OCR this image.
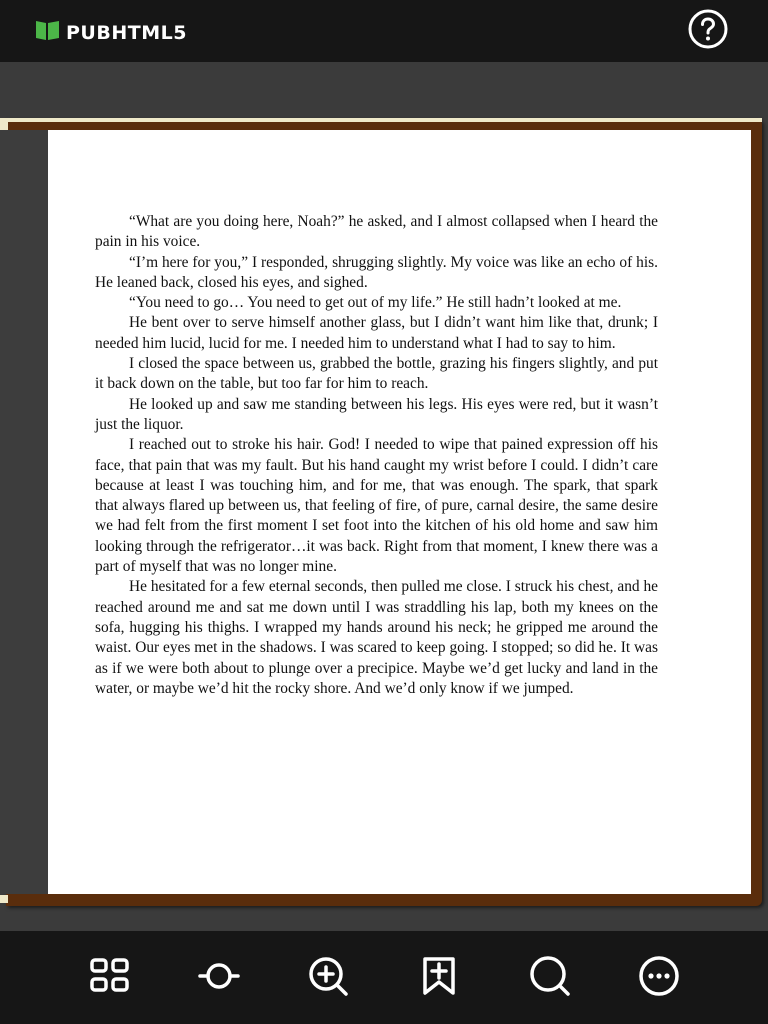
PUBHTML5

“What are you doing here, Noah?” he asked, and I almost collapsed when I heard the pain in his voice.

“I’m here for you,” I responded, shrugging slightly. My voice was like an echo of his. He leaned back, closed his eyes, and sighed.

“You need to go… You need to get out of my life.” He still hadn’t looked at me.

He bent over to serve himself another glass, but I didn’t want him like that, drunk; I needed him lucid, lucid for me. I needed him to understand what I had to say to him.

I closed the space between us, grabbed the bottle, grazing his fingers slightly, and put it back down on the table, but too far for him to reach.

He looked up and saw me standing between his legs. His eyes were red, but it wasn’t just the liquor.

I reached out to stroke his hair. God! I needed to wipe that pained expression off his face, that pain that was my fault. But his hand caught my wrist before I could. I didn’t care because at least I was touching him, and for me, that was enough. The spark, that spark that always flared up between us, that feeling of fire, of pure, carnal desire, the same desire we had felt from the first moment I set foot into the kitchen of his old home and saw him looking through the refrigerator…it was back. Right from that moment, I knew there was a part of myself that was no longer mine.

He hesitated for a few eternal seconds, then pulled me close. I struck his chest, and he reached around me and sat me down until I was straddling his lap, both my knees on the sofa, hugging his thighs. I wrapped my hands around his neck; he gripped me around the waist. Our eyes met in the shadows. I was scared to keep going. I stopped; so did he. It was as if we were both about to plunge over a precipice. Maybe we’d get lucky and land in the water, or maybe we’d hit the rocky shore. And we’d only know if we jumped.
